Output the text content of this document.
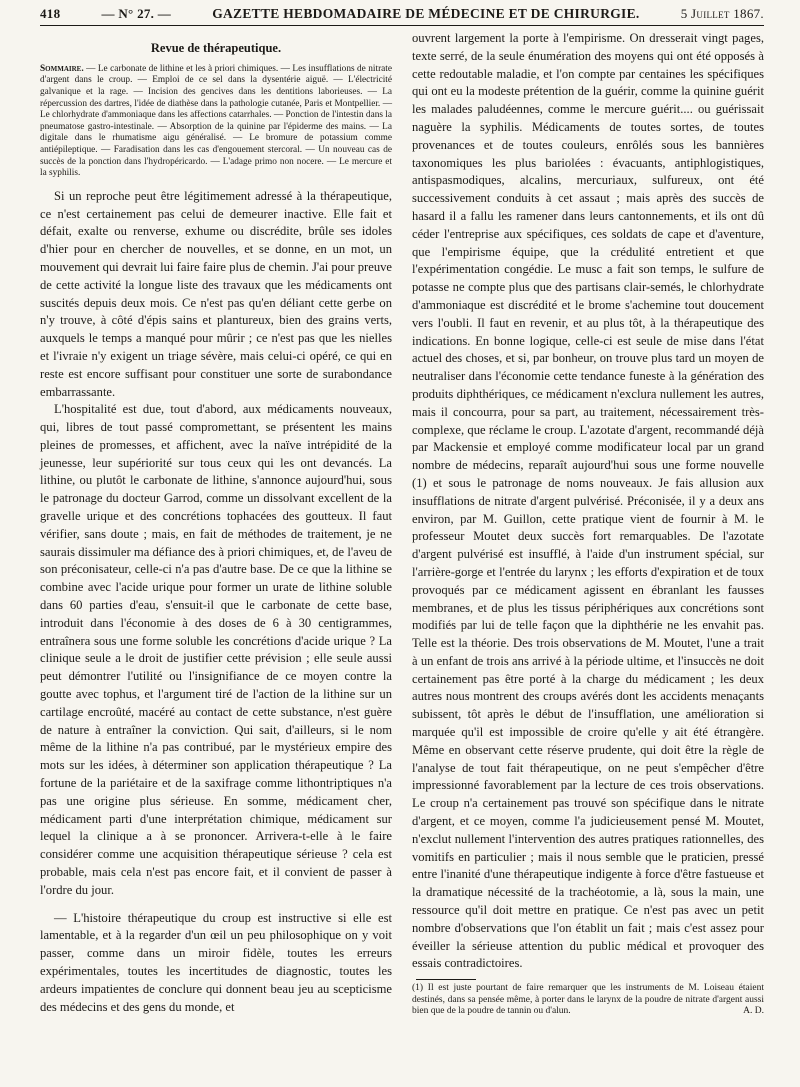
418	— N° 27. —	GAZETTE HEBDOMADAIRE DE MÉDECINE ET DE CHIRURGIE.	5 Juillet 1867.
Revue de thérapeutique.
Sommaire. — Le carbonate de lithine et les à priori chimiques. — Les insufflations de nitrate d'argent dans le croup. — Emploi de ce sel dans la dysentérie aiguë. — L'électricité galvanique et la rage. — Incision des gencives dans les dentitions laborieuses. — La répercussion des dartres, l'idée de diathèse dans la pathologie cutanée, Paris et Montpellier. — Le chlorhydrate d'ammoniaque dans les affections catarrhales. — Ponction de l'intestin dans la pneumatose gastro-intestinale. — Absorption de la quinine par l'épiderme des mains. — La digitale dans le rhumatisme aigu généralisé. — Le bromure de potassium comme antiépileptique. — Faradisation dans les cas d'engouement stercoral. — Un nouveau cas de succès de la ponction dans l'hydropéricardo. — L'adage primo non nocere. — Le mercure et la syphilis.

Si un reproche peut être légitimement adressé à la thérapeutique, ce n'est certainement pas celui de demeurer inactive. Elle fait et défait, exalte ou renverse, exhume ou discrédite, brûle ses idoles d'hier pour en chercher de nouvelles, et se donne, en un mot, un mouvement qui devrait lui faire faire plus de chemin. J'ai pour preuve de cette activité la longue liste des travaux que les médicaments ont suscités depuis deux mois. Ce n'est pas qu'en déliant cette gerbe on n'y trouve, à côté d'épis sains et plantureux, bien des grains verts, auxquels le temps a manqué pour mûrir ; ce n'est pas que les nielles et l'ivraie n'y exigent un triage sévère, mais celui-ci opéré, ce qui en reste est encore suffisant pour constituer une sorte de surabondance embarrassante.

L'hospitalité est due, tout d'abord, aux médicaments nouveaux, qui, libres de tout passé compromettant, se présentent les mains pleines de promesses, et affichent, avec la naïve intrépidité de la jeunesse, leur supériorité sur tous ceux qui les ont devancés. La lithine, ou plutôt le carbonate de lithine, s'annonce aujourd'hui, sous le patronage du docteur Garrod, comme un dissolvant excellent de la gravelle urique et des concrétions tophacées des goutteux. Il faut vérifier, sans doute ; mais, en fait de méthodes de traitement, je ne saurais dissimuler ma défiance des à priori chimiques, et, de l'aveu de son préconisateur, celle-ci n'a pas d'autre base. De ce que la lithine se combine avec l'acide urique pour former un urate de lithine soluble dans 60 parties d'eau, s'ensuit-il que le carbonate de cette base, introduit dans l'économie à des doses de 6 à 30 centigrammes, entraînera sous une forme soluble les concrétions d'acide urique ? La clinique seule a le droit de justifier cette prévision ; elle seule aussi peut démontrer l'utilité ou l'insignifiance de ce moyen contre la goutte avec tophus, et l'argument tiré de l'action de la lithine sur un cartilage encroûté, macéré au contact de cette substance, n'est guère de nature à entraîner la conviction. Qui sait, d'ailleurs, si le nom même de la lithine n'a pas contribué, par le mystérieux empire des mots sur les idées, à déterminer son application thérapeutique ? La fortune de la pariétaire et de la saxifrage comme lithontriptiques n'a pas une origine plus sérieuse. En somme, médicament cher, médicament parti d'une interprétation chimique, médicament sur lequel la clinique a à se prononcer. Arrivera-t-elle à le faire considérer comme une acquisition thérapeutique sérieuse ? cela est probable, mais cela n'est pas encore fait, et il convient de passer à l'ordre du jour.

— L'histoire thérapeutique du croup est instructive si elle est lamentable, et à la regarder d'un œil un peu philosophique on y voit passer, comme dans un miroir fidèle, toutes les erreurs expérimentales, toutes les incertitudes de diagnostic, toutes les ardeurs impatientes de conclure qui donnent beau jeu au scepticisme des médecins et des gens du monde, et

ouvrent largement la porte à l'empirisme. On dresserait vingt pages, texte serré, de la seule énumération des moyens qui ont été opposés à cette redoutable maladie, et l'on compte par centaines les spécifiques qui ont eu la modeste prétention de la guérir, comme la quinine guérit les malades paludéennes, comme le mercure guérit.... ou guérissait naguère la syphilis. Médicaments de toutes sortes, de toutes provenances et de toutes couleurs, enrôlés sous les bannières taxonomiques les plus bariolées : évacuants, antiphlogistiques, antispasmodiques, alcalins, mercuriaux, sulfureux, ont été successivement conduits à cet assaut ; mais après des succès de hasard il a fallu les ramener dans leurs cantonnements, et ils ont dû céder l'entreprise aux spécifiques, ces soldats de cape et d'aventure, que l'empirisme équipe, que la crédulité entretient et que l'expérimentation congédie. Le musc a fait son temps, le sulfure de potasse ne compte plus que des partisans clair-semés, le chlorhydrate d'ammoniaque est discrédité et le brome s'achemine tout doucement vers l'oubli. Il faut en revenir, et au plus tôt, à la thérapeutique des indications. En bonne logique, celle-ci est seule de mise dans l'état actuel des choses, et si, par bonheur, on trouve plus tard un moyen de neutraliser dans l'économie cette tendance funeste à la génération des produits diphthériques, ce médicament n'exclura nullement les autres, mais il concourra, pour sa part, au traitement, nécessairement très-complexe, que réclame le croup. L'azotate d'argent, recommandé déjà par Mackensie et employé comme modificateur local par un grand nombre de médecins, reparaît aujourd'hui sous une forme nouvelle (1) et sous le patronage de noms nouveaux. Je fais allusion aux insufflations de nitrate d'argent pulvérisé. Préconisée, il y a deux ans environ, par M. Guillon, cette pratique vient de fournir à M. le professeur Moutet deux succès fort remarquables. De l'azotate d'argent pulvérisé est insufflé, à l'aide d'un instrument spécial, sur l'arrière-gorge et l'entrée du larynx ; les efforts d'expiration et de toux provoqués par ce médicament agissent en ébranlant les fausses membranes, et de plus les tissus périphériques aux concrétions sont modifiés par lui de telle façon que la diphthérie ne les envahit pas. Telle est la théorie. Des trois observations de M. Moutet, l'une a trait à un enfant de trois ans arrivé à la période ultime, et l'insuccès ne doit certainement pas être porté à la charge du médicament ; les deux autres nous montrent des croups avérés dont les accidents menaçants subissent, tôt après le début de l'insufflation, une amélioration si marquée qu'il est impossible de croire qu'elle y ait été étrangère. Même en observant cette réserve prudente, qui doit être la règle de l'analyse de tout fait thérapeutique, on ne peut s'empêcher d'être impressionné favorablement par la lecture de ces trois observations. Le croup n'a certainement pas trouvé son spécifique dans le nitrate d'argent, et ce moyen, comme l'a judicieusement pensé M. Moutet, n'exclut nullement l'intervention des autres pratiques rationnelles, des vomitifs en particulier ; mais il nous semble que le praticien, pressé entre l'inanité d'une thérapeutique indigente à force d'être fastueuse et la dramatique nécessité de la trachéotomie, a là, sous la main, une ressource qu'il doit mettre en pratique. Ce n'est pas avec un petit nombre d'observations que l'on établit un fait ; mais c'est assez pour éveiller la sérieuse attention du public médical et provoquer des essais contradictoires.

(1) Il est juste pourtant de faire remarquer que les instruments de M. Loiseau étaient destinés, dans sa pensée même, à porter dans le larynx de la poudre de nitrate d'argent aussi bien que de la poudre de tannin ou d'alun.	A. D.
